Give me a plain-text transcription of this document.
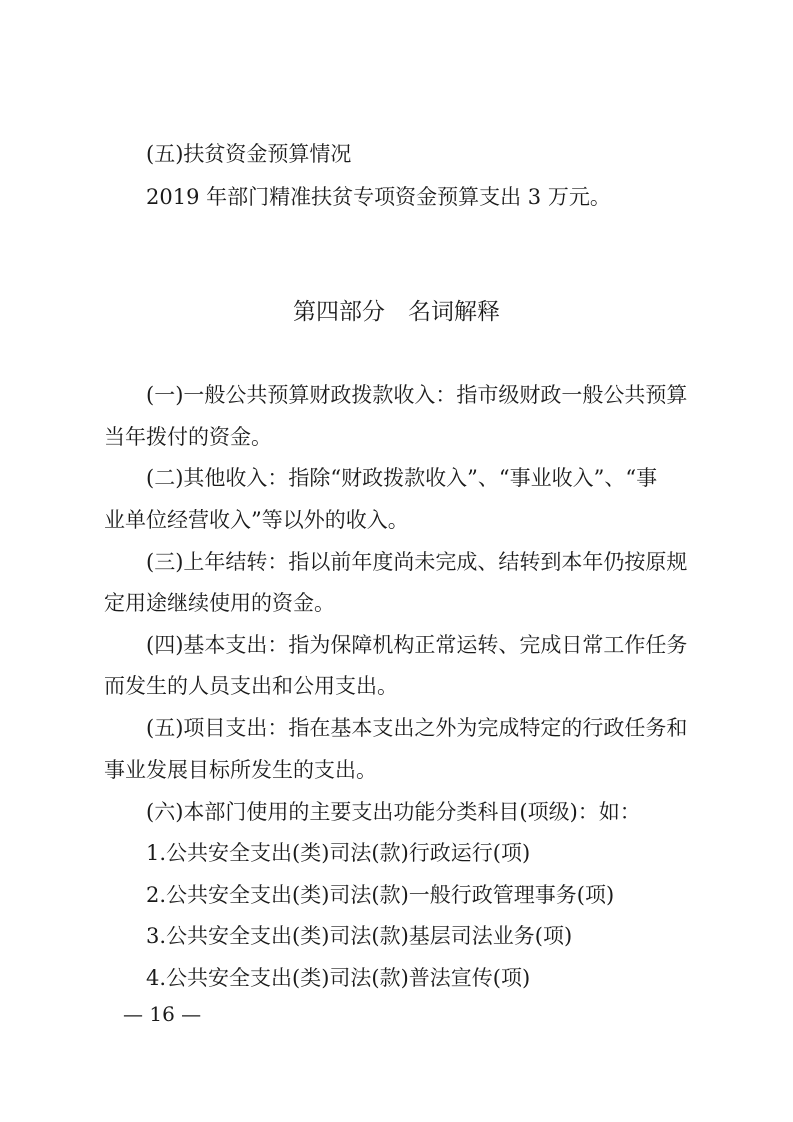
(五)扶贫资金预算情况
2019 年部门精准扶贫专项资金预算支出 3 万元。
第四部分　名词解释
(一)一般公共预算财政拨款收入：指市级财政一般公共预算
当年拨付的资金。
(二)其他收入：指除“财政拨款收入”、“事业收入”、“事
业单位经营收入”等以外的收入。
(三)上年结转：指以前年度尚未完成、结转到本年仍按原规
定用途继续使用的资金。
(四)基本支出：指为保障机构正常运转、完成日常工作任务
而发生的人员支出和公用支出。
(五)项目支出：指在基本支出之外为完成特定的行政任务和
事业发展目标所发生的支出。
(六)本部门使用的主要支出功能分类科目(项级)：如：
1.公共安全支出(类)司法(款)行政运行(项)
2.公共安全支出(类)司法(款)一般行政管理事务(项)
3.公共安全支出(类)司法(款)基层司法业务(项)
4.公共安全支出(类)司法(款)普法宣传(项)
— 16 —
